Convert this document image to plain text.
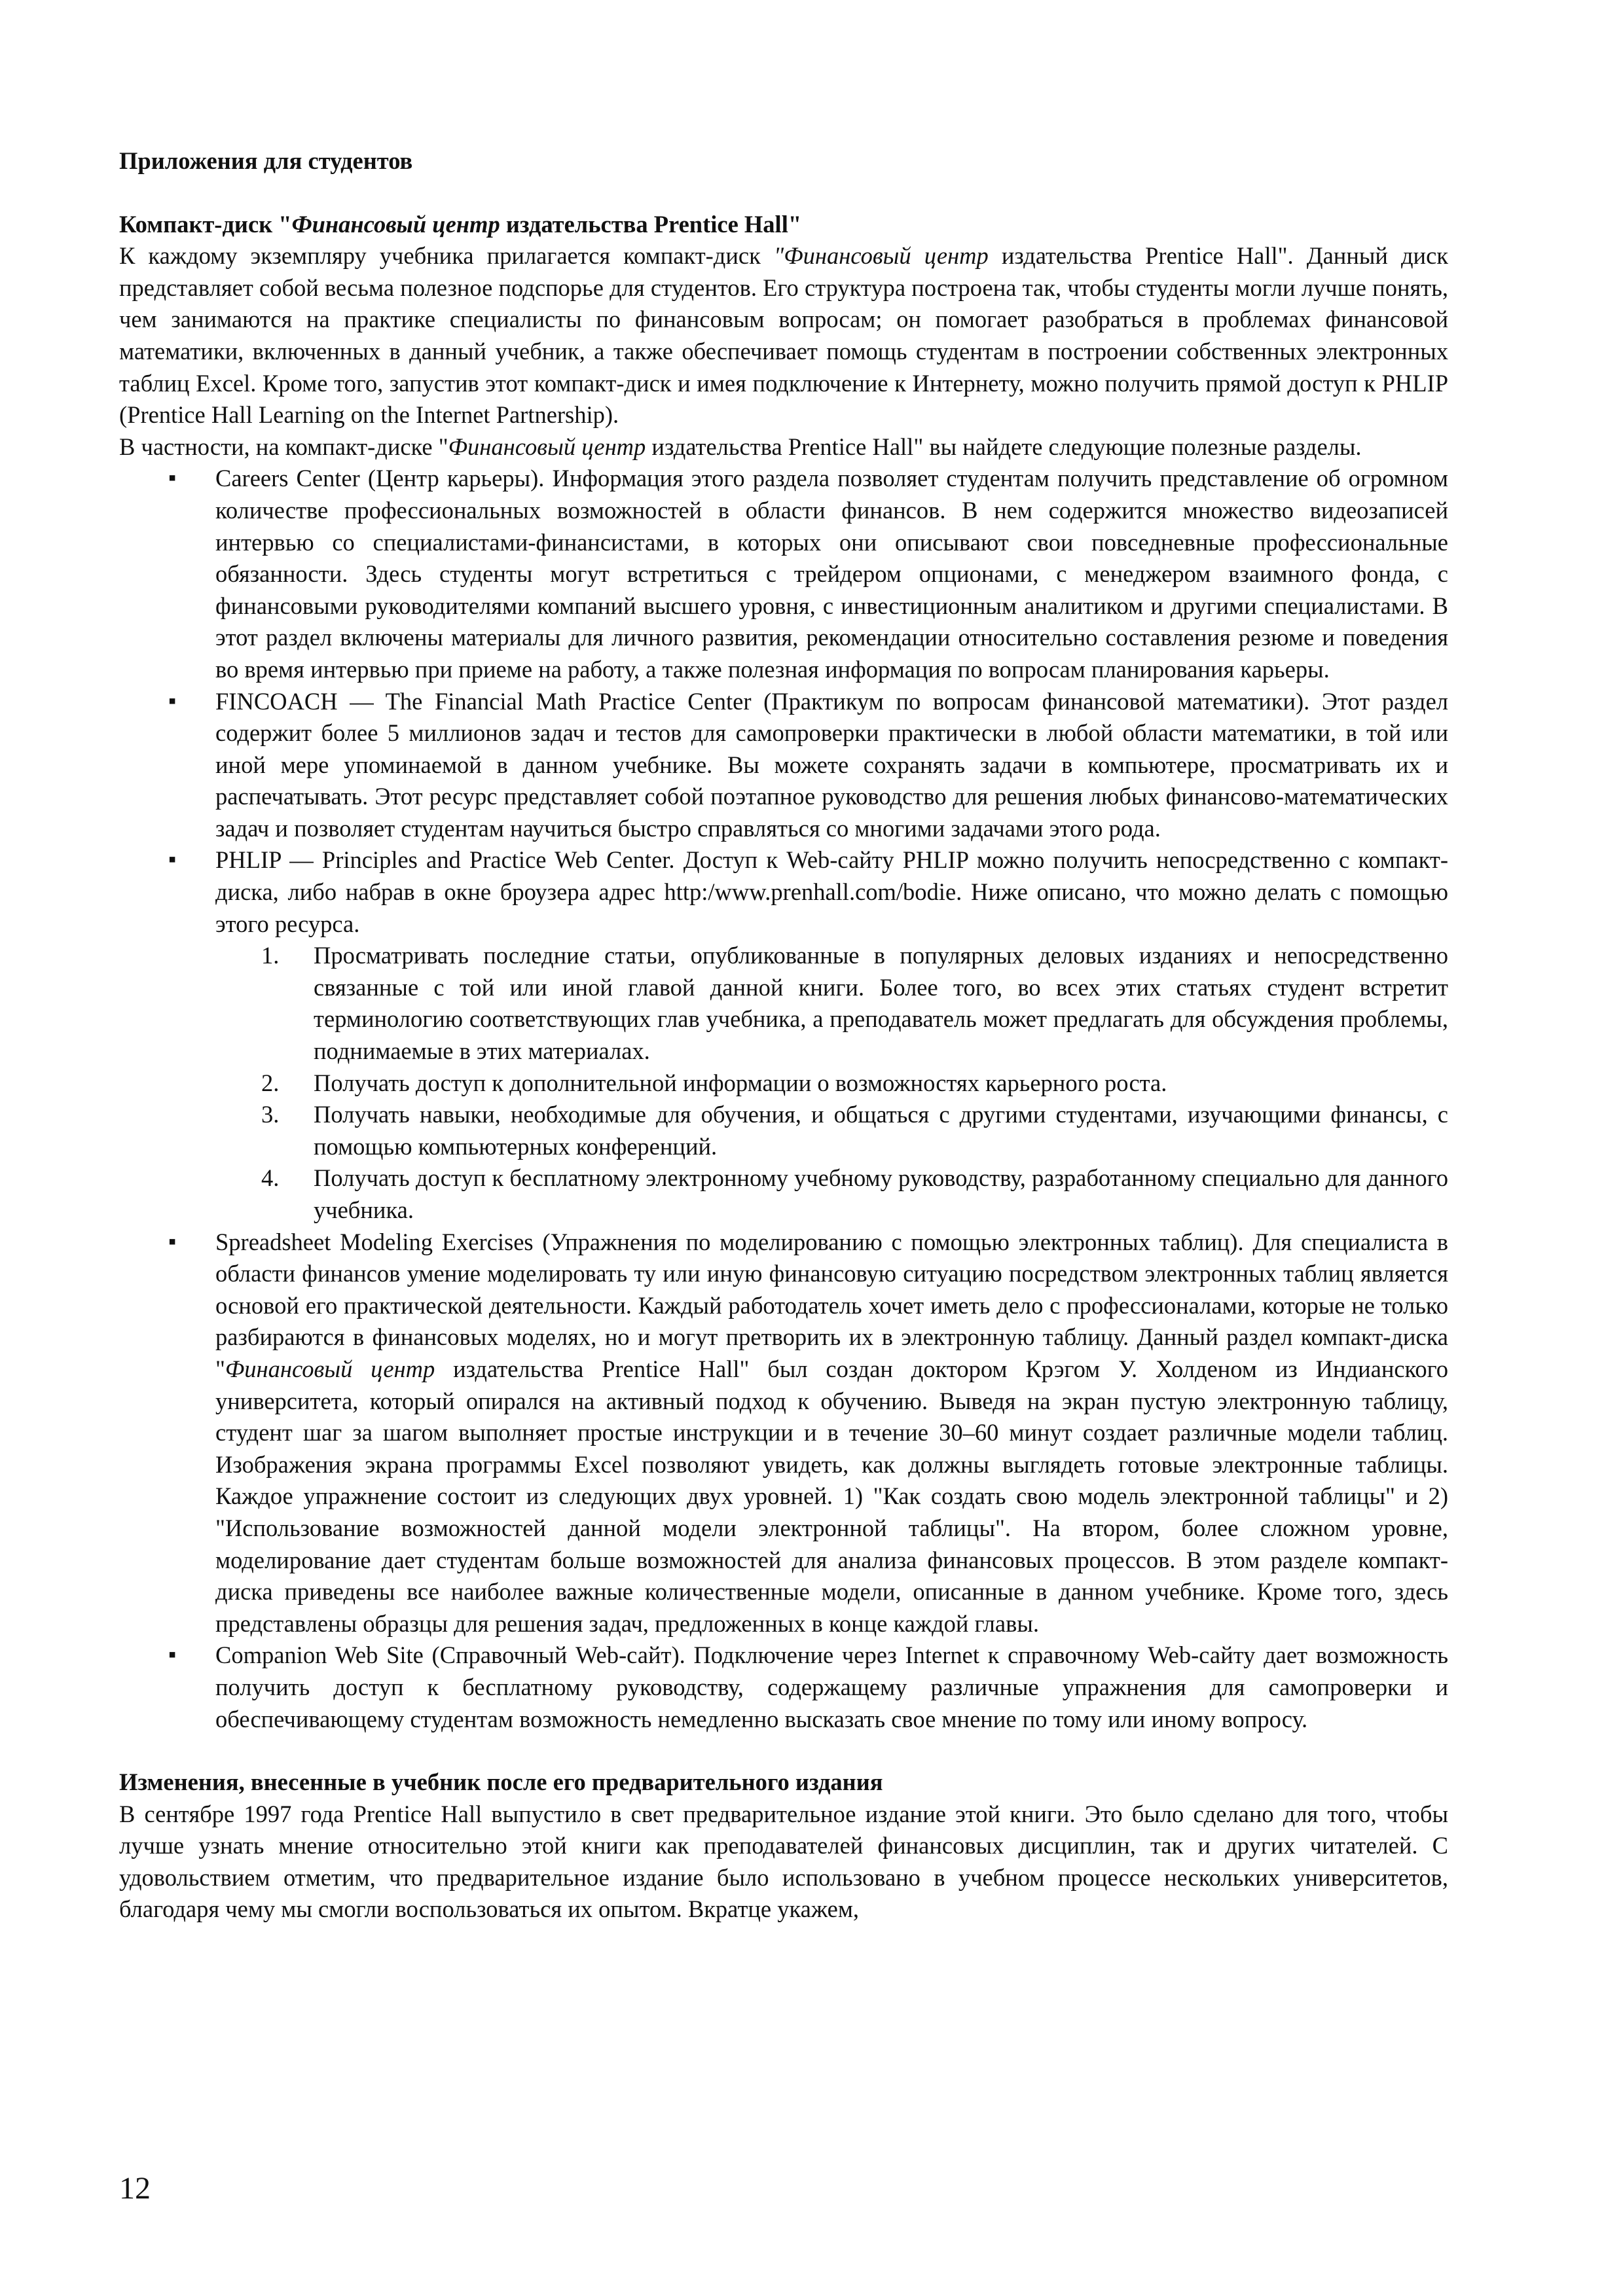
Приложения для студентов

Компакт-диск "Финансовый центр издательства Prentice Hall"

К каждому экземпляру учебника прилагается компакт-диск "Финансовый центр издательства Prentice Hall". Данный диск представляет собой весьма полезное подспорье для студентов. Его структура построена так, чтобы студенты могли лучше понять, чем занимаются на практике специалисты по финансовым вопросам; он помогает разобраться в проблемах финансовой математики, включенных в данный учебник, а также обеспечивает помощь студентам в построении собственных электронных таблиц Excel. Кроме того, запустив этот компакт-диск и имея подключение к Интернету, можно получить прямой доступ к PHLIP (Prentice Hall Learning on the Internet Partnership).

В частности, на компакт-диске "Финансовый центр издательства Prentice Hall" вы найдете следующие полезные разделы.

▪ Careers Center (Центр карьеры). Информация этого раздела позволяет студентам получить представление об огромном количестве профессиональных возможностей в области финансов. В нем содержится множество видеозаписей интервью со специалистами-финансистами, в которых они описывают свои повседневные профессиональные обязанности. Здесь студенты могут встретиться с трейдером опционами, с менеджером взаимного фонда, с финансовыми руководителями компаний высшего уровня, с инвестиционным аналитиком и другими специалистами. В этот раздел включены материалы для личного развития, рекомендации относительно составления резюме и поведения во время интервью при приеме на работу, а также полезная информация по вопросам планирования карьеры.
▪ FINCOACH — The Financial Math Practice Center (Практикум по вопросам финансовой математики). Этот раздел содержит более 5 миллионов задач и тестов для самопроверки практически в любой области математики, в той или иной мере упоминаемой в данном учебнике. Вы можете сохранять задачи в компьютере, просматривать их и распечатывать. Этот ресурс представляет собой поэтапное руководство для решения любых финансово-математических задач и позволяет студентам научиться быстро справляться со многими задачами этого рода.
▪ PHLIP — Principles and Practice Web Center. Доступ к Web-сайту PHLIP можно получить непосредственно с компакт-диска, либо набрав в окне броузера адрес http:/www.prenhall.com/bodie. Ниже описано, что можно делать с помощью этого ресурса.
1. Просматривать последние статьи, опубликованные в популярных деловых изданиях и непосредственно связанные с той или иной главой данной книги. Более того, во всех этих статьях студент встретит терминологию соответствующих глав учебника, а преподаватель может предлагать для обсуждения проблемы, поднимаемые в этих материалах.
2. Получать доступ к дополнительной информации о возможностях карьерного роста.
3. Получать навыки, необходимые для обучения, и общаться с другими студентами, изучающими финансы, с помощью компьютерных конференций.
4. Получать доступ к бесплатному электронному учебному руководству, разработанному специально для данного учебника.
▪ Spreadsheet Modeling Exercises (Упражнения по моделированию с помощью электронных таблиц). Для специалиста в области финансов умение моделировать ту или иную финансовую ситуацию посредством электронных таблиц является основой его практической деятельности. Каждый работодатель хочет иметь дело с профессионалами, которые не только разбираются в финансовых моделях, но и могут претворить их в электронную таблицу. Данный раздел компакт-диска "Финансовый центр издательства Prentice Hall" был создан доктором Крэгом У. Холденом из Индианского университета, который опирался на активный подход к обучению. Выведя на экран пустую электронную таблицу, студент шаг за шагом выполняет простые инструкции и в течение 30–60 минут создает различные модели таблиц. Изображения экрана программы Excel позволяют увидеть, как должны выглядеть готовые электронные таблицы. Каждое упражнение состоит из следующих двух уровней. 1) "Как создать свою модель электронной таблицы" и 2) "Использование возможностей данной модели электронной таблицы". На втором, более сложном уровне, моделирование дает студентам больше возможностей для анализа финансовых процессов. В этом разделе компакт-диска приведены все наиболее важные количественные модели, описанные в данном учебнике. Кроме того, здесь представлены образцы для решения задач, предложенных в конце каждой главы.
▪ Companion Web Site (Справочный Web-сайт). Подключение через Internet к справочному Web-сайту дает возможность получить доступ к бесплатному руководству, содержащему различные упражнения для самопроверки и обеспечивающему студентам возможность немедленно высказать свое мнение по тому или иному вопросу.

Изменения, внесенные в учебник после его предварительного издания

В сентябре 1997 года Prentice Hall выпустило в свет предварительное издание этой книги. Это было сделано для того, чтобы лучше узнать мнение относительно этой книги как преподавателей финансовых дисциплин, так и других читателей. С удовольствием отметим, что предварительное издание было использовано в учебном процессе нескольких университетов, благодаря чему мы смогли воспользоваться их опытом. Вкратце укажем,

12
